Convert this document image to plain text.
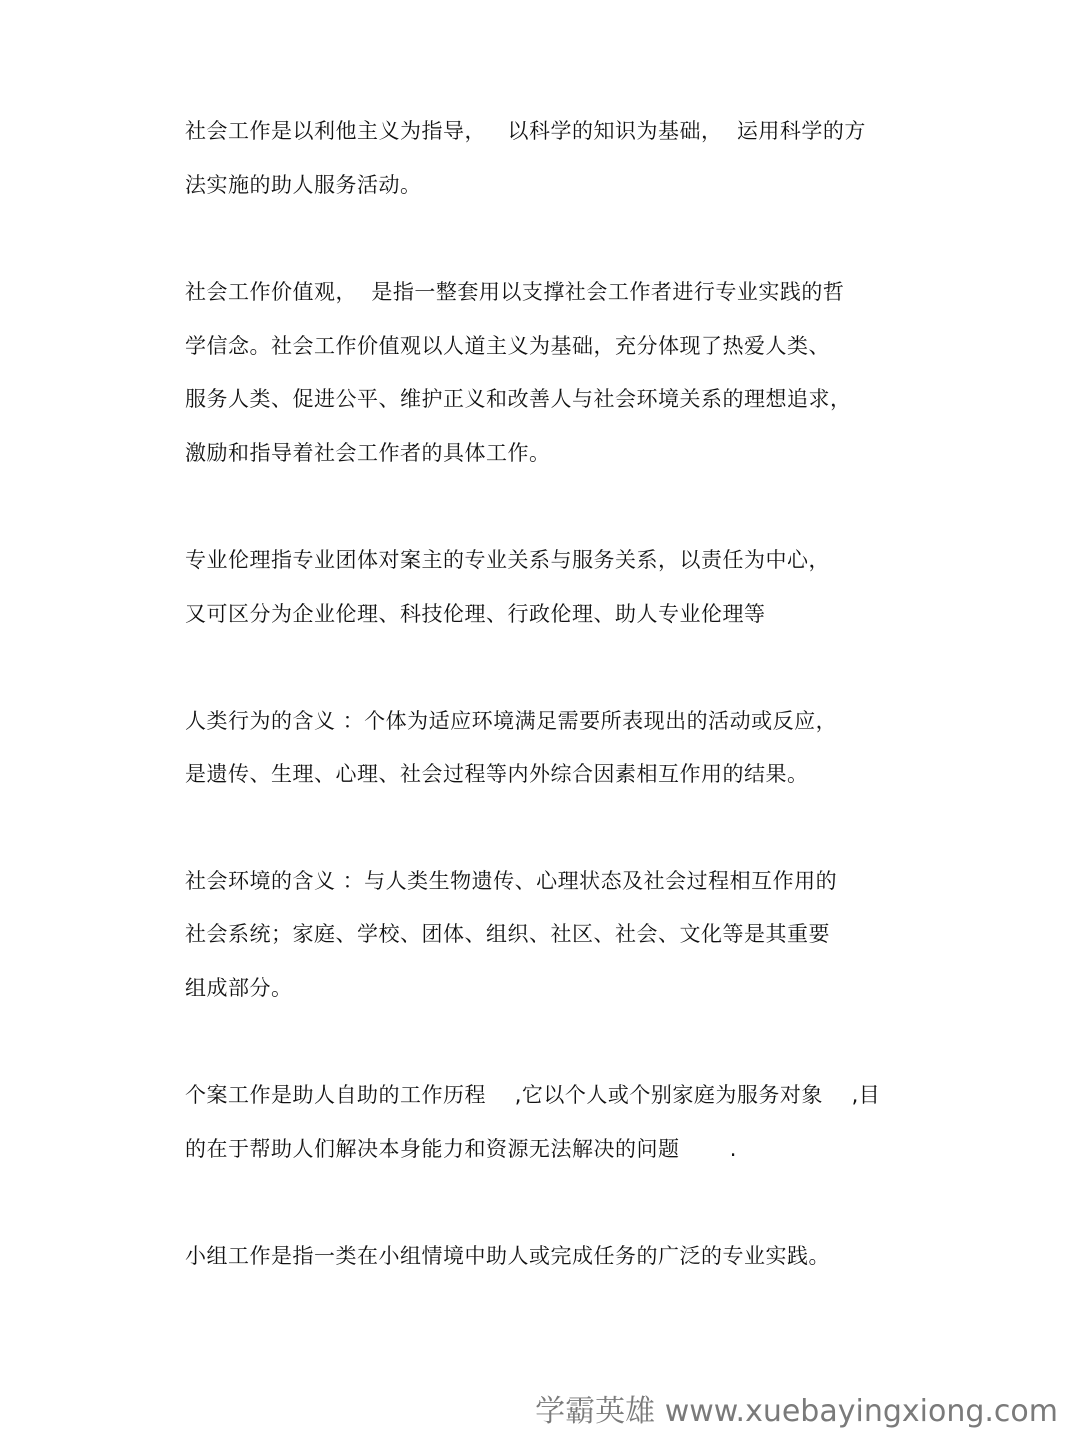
社会工作是以利他主义为指导，   以科学的知识为基础，  运用科学的方
法实施的助人服务活动。
社会工作价值观，  是指一整套用以支撑社会工作者进行专业实践的哲
学信念。社会工作价值观以人道主义为基础，充分体现了热爱人类、
服务人类、促进公平、维护正义和改善人与社会环境关系的理想追求，
激励和指导着社会工作者的具体工作。
专业伦理指专业团体对案主的专业关系与服务关系，以责任为中心，
又可区分为企业伦理、科技伦理、行政伦理、助人专业伦理等
人类行为的含义 ：个体为适应环境满足需要所表现出的活动或反应，
是遗传、生理、心理、社会过程等内外综合因素相互作用的结果。
社会环境的含义 ：与人类生物遗传、心理状态及社会过程相互作用的
社会系统；家庭、学校、团体、组织、社区、社会、文化等是其重要
组成部分。
个案工作是助人自助的工作历程    ,它以个人或个别家庭为服务对象    ,目
的在于帮助人们解决本身能力和资源无法解决的问题       .
小组工作是指一类在小组情境中助人或完成任务的广泛的专业实践。
学霸英雄 www.xuebayingxiong.com
